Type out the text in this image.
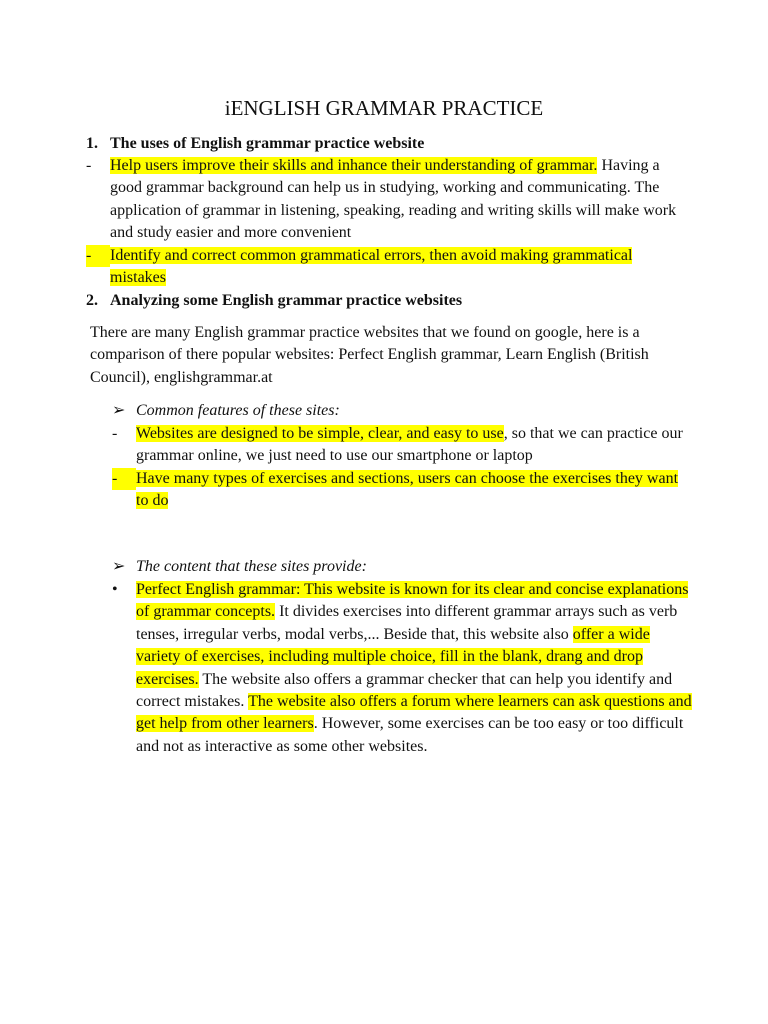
iENGLISH GRAMMAR PRACTICE

1. The uses of English grammar practice website

-	Help users improve their skills and inhance their understanding of grammar. Having a good grammar background can help us in studying, working and communicating. The application of grammar in listening, speaking, reading and writing skills will make work and study easier and more convenient

-	Identify and correct common grammatical errors, then avoid making grammatical mistakes

2. Analyzing some English grammar practice websites

There are many English grammar practice websites that we found on google, here is a comparison of there popular websites: Perfect English grammar, Learn English (British Council), englishgrammar.at

➢ Common features of these sites:

-	Websites are designed to be simple, clear, and easy to use, so that we can practice our grammar online, we just need to use our smartphone or laptop

-	Have many types of exercises and sections, users can choose the exercises they want to do

➢ The content that these sites provide:

•	Perfect English grammar: This website is known for its clear and concise explanations of grammar concepts. It divides exercises into different grammar arrays such as verb tenses, irregular verbs, modal verbs,... Beside that, this website also offer a wide variety of exercises, including multiple choice, fill in the blank, drang and drop exercises. The website also offers a grammar checker that can help you identify and correct mistakes. The website also offers a forum where learners can ask questions and get help from other learners. However, some exercises can be too easy or too difficult and not as interactive as some other websites.
